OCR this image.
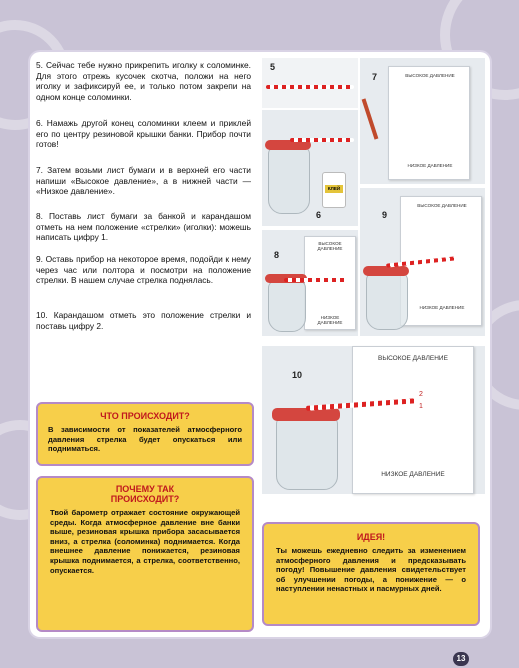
5. Сейчас тебе нужно прикрепить иголку к соломинке. Для этого отрежь кусочек скотча, положи на него иголку и зафиксируй ее, и только потом закрепи на одном конце соломинки.
6. Намажь другой конец соломинки клеем и приклей его по центру резиновой крышки банки. Прибор почти готов!
7. Затем возьми лист бумаги и в верхней его части напиши «Высокое давление», а в нижней части — «Низкое давление».
8. Поставь лист бумаги за банкой и карандашом отметь на нем положение «стрелки» (иголки): можешь написать цифру 1.
9. Оставь прибор на некоторое время, подойди к нему через час или полтора и посмотри на положение стрелки. В нашем случае стрелка поднялась.
10. Карандашом отметь это положение стрелки и поставь цифру 2.
5
7	ВЫСОКОЕ ДАВЛЕНИЕ
НИЗКОЕ ДАВЛЕНИЕ
КЛЕЙ
6	9
ВЫСОКОЕ ДАВЛЕНИЕ
НИЗКОЕ ДАВЛЕНИЕ
8
ВЫСОКОЕ ДАВЛЕНИЕ
НИЗКОЕ ДАВЛЕНИЕ
10
ВЫСОКОЕ ДАВЛЕНИЕ
НИЗКОЕ ДАВЛЕНИЕ
2
1
ЧТО ПРОИСХОДИТ?
В зависимости от показателей атмосферного давления стрелка будет опускаться или подниматься.
ПОЧЕМУ ТАК ПРОИСХОДИТ?
Твой барометр отражает состояние окружающей среды. Когда атмосферное давление вне банки выше, резиновая крышка прибора засасывается вниз, а стрелка (соломинка) поднимается. Когда внешнее давление понижается, резиновая крышка поднимается, а стрелка, соответственно, опускается.
ИДЕЯ!
Ты можешь ежедневно следить за изменением атмосферного давления и предсказывать погоду! Повышение давления свидетельствует об улучшении погоды, а понижение — о наступлении ненастных и пасмурных дней.
13
